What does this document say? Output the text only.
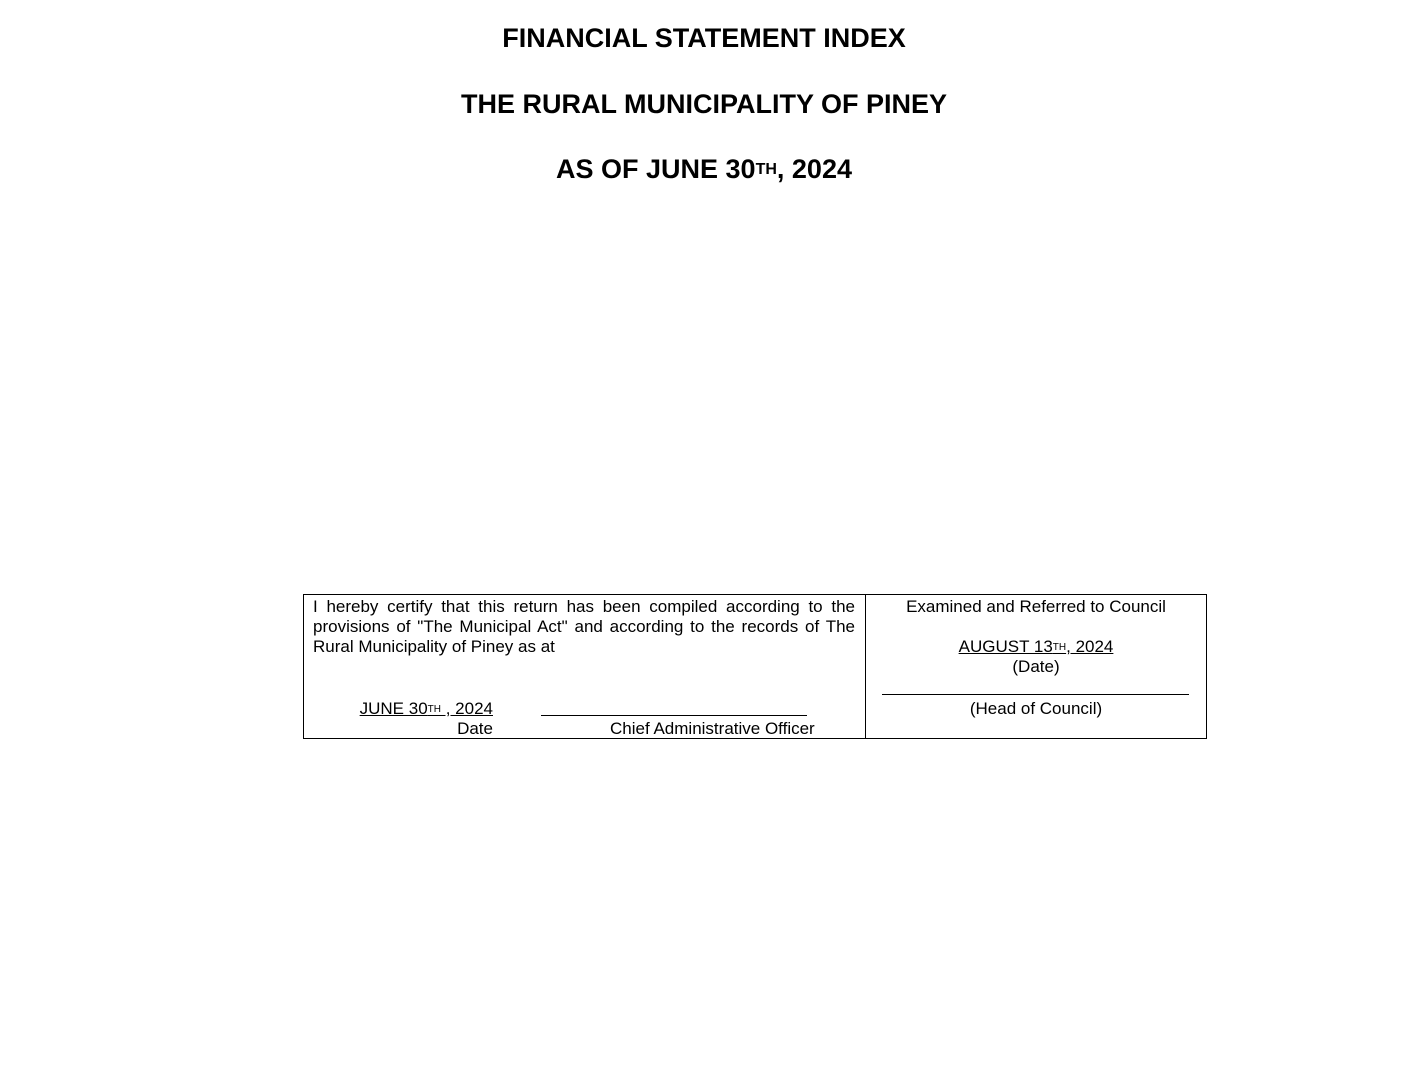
FINANCIAL STATEMENT INDEX
THE RURAL MUNICIPALITY OF PINEY
AS OF JUNE 30TH, 2024
I hereby certify that this return has been compiled according to the provisions of "The Municipal Act" and according to the records of The Rural Municipality of Piney as at
JUNE 30TH , 2024
Date	Chief Administrative Officer
Examined and Referred to Council
AUGUST 13TH, 2024
(Date)
(Head of Council)
